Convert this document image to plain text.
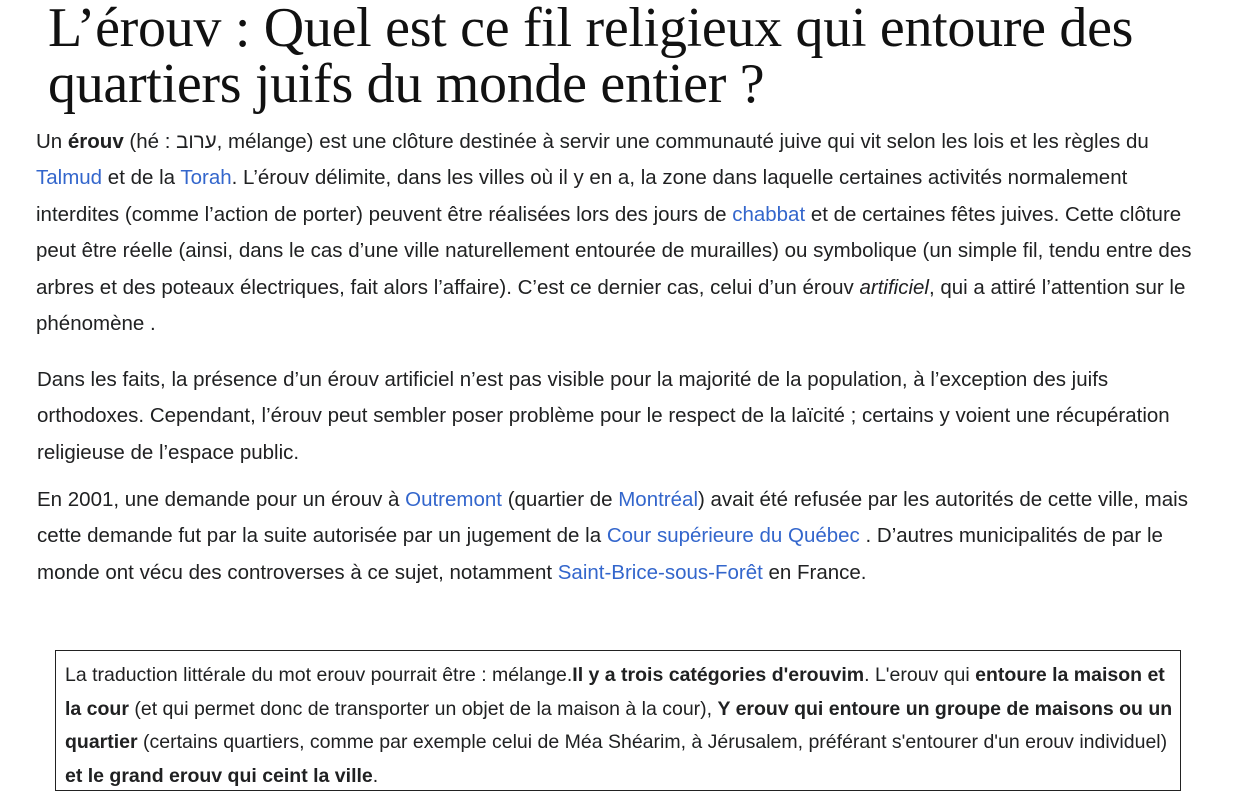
L’érouv : Quel est ce fil religieux qui entoure des quartiers juifs du monde entier ?

Un érouv (hé : ערוב, mélange) est une clôture destinée à servir une communauté juive qui vit selon les lois et les règles du Talmud et de la Torah. L’érouv délimite, dans les villes où il y en a, la zone dans laquelle certaines activités normalement interdites (comme l’action de porter) peuvent être réalisées lors des jours de chabbat et de certaines fêtes juives. Cette clôture peut être réelle (ainsi, dans le cas d’une ville naturellement entourée de murailles) ou symbolique (un simple fil, tendu entre des arbres et des poteaux électriques, fait alors l’affaire). C’est ce dernier cas, celui d’un érouv artificiel, qui a attiré l’attention sur le phénomène .

Dans les faits, la présence d’un érouv artificiel n’est pas visible pour la majorité de la population, à l’exception des juifs orthodoxes. Cependant, l’érouv peut sembler poser problème pour le respect de la laïcité ; certains y voient une récupération religieuse de l’espace public.

En 2001, une demande pour un érouv à Outremont (quartier de Montréal) avait été refusée par les autorités de cette ville, mais cette demande fut par la suite autorisée par un jugement de la Cour supérieure du Québec . D’autres municipalités de par le monde ont vécu des controverses à ce sujet, notamment Saint-Brice-sous-Forêt en France.

La traduction littérale du mot erouv pourrait être : mélange.Il y a trois catégories d'erouvim. L'erouv qui entoure la maison et la cour (et qui permet donc de transporter un objet de la maison à la cour), Y erouv qui entoure un groupe de maisons ou un quartier (certains quartiers, comme par exemple celui de Méa Shéarim, à Jérusalem, préférant s'entourer d'un erouv individuel) et le grand erouv qui ceint la ville.
